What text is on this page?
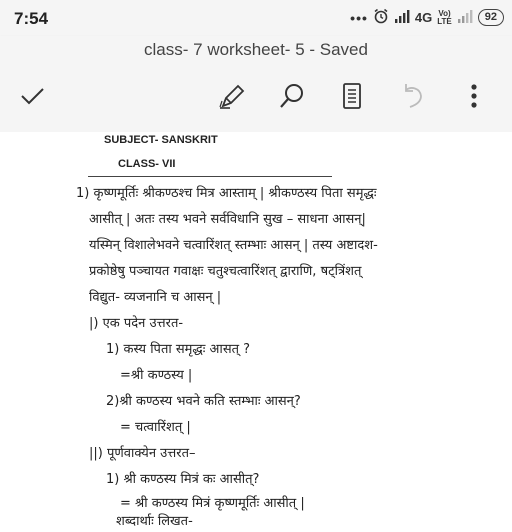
7:54	•••	4G Vo)
LTE	92
class- 7 worksheet- 5 - Saved
SUBJECT- SANSKRIT
CLASS- VII
1) कृष्णमूर्तिः श्रीकण्ठश्च मित्र आस्ताम् | श्रीकण्ठस्य पिता समृद्धः
आसीत् | अतः तस्य भवने सर्वविधानि सुख – साधना आसन्|
यस्मिन् विशालेभवने चत्वारिंशत् स्तम्भाः आसन् | तस्य अष्टादश-
प्रकोष्ठेषु पञ्चायत गवाक्षः चतुश्चत्वारिंशत् द्वाराणि, षट्त्रिंशत्
विद्युत- व्यजनानि च आसन् |
|) एक पदेन उत्तरत-
1) कस्य पिता समृद्धः आसत् ?
=श्री कण्ठस्य |
2)श्री कण्ठस्य भवने कति स्तम्भाः आसन्?
= चत्वारिंशत् |
||) पूर्णवाक्येन उत्तरत–
1) श्री कण्ठस्य मित्रं कः आसीत्?
= श्री कण्ठस्य मित्रं कृष्णमूर्तिः आसीत् |
शब्दार्थाः लिखत-
